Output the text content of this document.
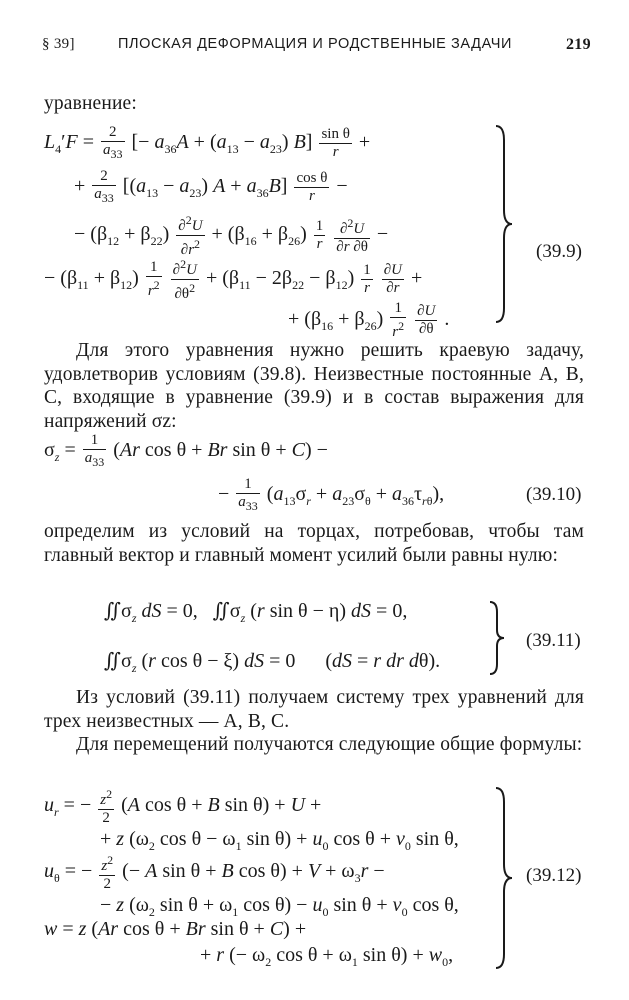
§ 39]	ПЛОСКАЯ ДЕФОРМАЦИЯ И РОДСТВЕННЫЕ ЗАДАЧИ	219
уравнение:
$L_4'F = \frac{2}{a_{33}}$ [− $a_{36}A + (a_{13} - a_{23})$ $B] \frac{\text{sin θ}}{r}$ +
+ $\frac{2}{a_{33}} [(a_{13} - a_{23}) A + a_{36}B] \frac{\text{cos θ}}{r}$ −
− $(\beta_{12} + \beta_{22}) \frac{\partial^2U}{\partial r^2} + (\beta_{16} + \beta_{26}) \frac{1}{r}$
$\frac{\partial^2U}{\partial r \partial\theta}$ −
− $(\beta_{11} + \beta_{12}) \frac{1}{r^2}$
$\frac{\partial^2U}{\partial\theta^2} + (\beta_{11} - 2\beta_{22} - \beta_{12}) \frac{1}{r}$
$\frac{\partial U}{\partial r}$ +
+ $(\beta_{16} + \beta_{26}) \frac{1}{r^2}$
$\frac{\partial U}{\partial\theta}$ .
(39.9)
Для этого уравнения нужно решить краевую задачу, удовлетворив условиям (39.8). Неизвестные постоянные A, B, C, входящие в уравнение (39.9) и в состав выражения для напряжений σz:
$\sigma_z = \frac{1}{a_{33}} (Ar$ cos θ + Br sin θ + C) −
− $\frac{1}{a_{33}} (a_{13}\sigma_r + a_{23}\sigma_\theta + a_{36}\tau_{r\theta})$,	(39.10)
определим из условий на торцах, потребовав, чтобы там главный вектор и главный момент усилий были равны нулю:
$∬\sigma_z$ dS = 0,   $∬\sigma_z$ (r sin θ − η) dS = 0,
$∬\sigma_z$ (r cos θ − ξ) dS = 0      (dS = r dr dθ).
(39.11)
Из условий (39.11) получаем систему трех уравнений для трех неизвестных — A, B, C.
Для перемещений получаются следующие общие формулы:
$u_r$ = − $\frac{z^2}{2} (A$ cos θ + B sin θ) + U +
+ z ($\omega_2$ $\cos \theta - \omega_1$ $\sin \theta) + u_0$ $\cos \theta + v_0$ sin θ,
$u_\theta$ = − $\frac{z^2}{2}$ (− A sin θ + B $\cos \theta) + V + \omega_3r$ −
− z ($\omega_2$ $\sin \theta + \omega_1$ $\cos \theta) - u_0$ $\sin \theta + v_0$ cos θ,
w = z (Ar cos θ + Br sin θ + C) +
+ r (− $\omega_2$ $\cos \theta + \omega_1$ $\sin \theta) + w_0$,
(39.12)
